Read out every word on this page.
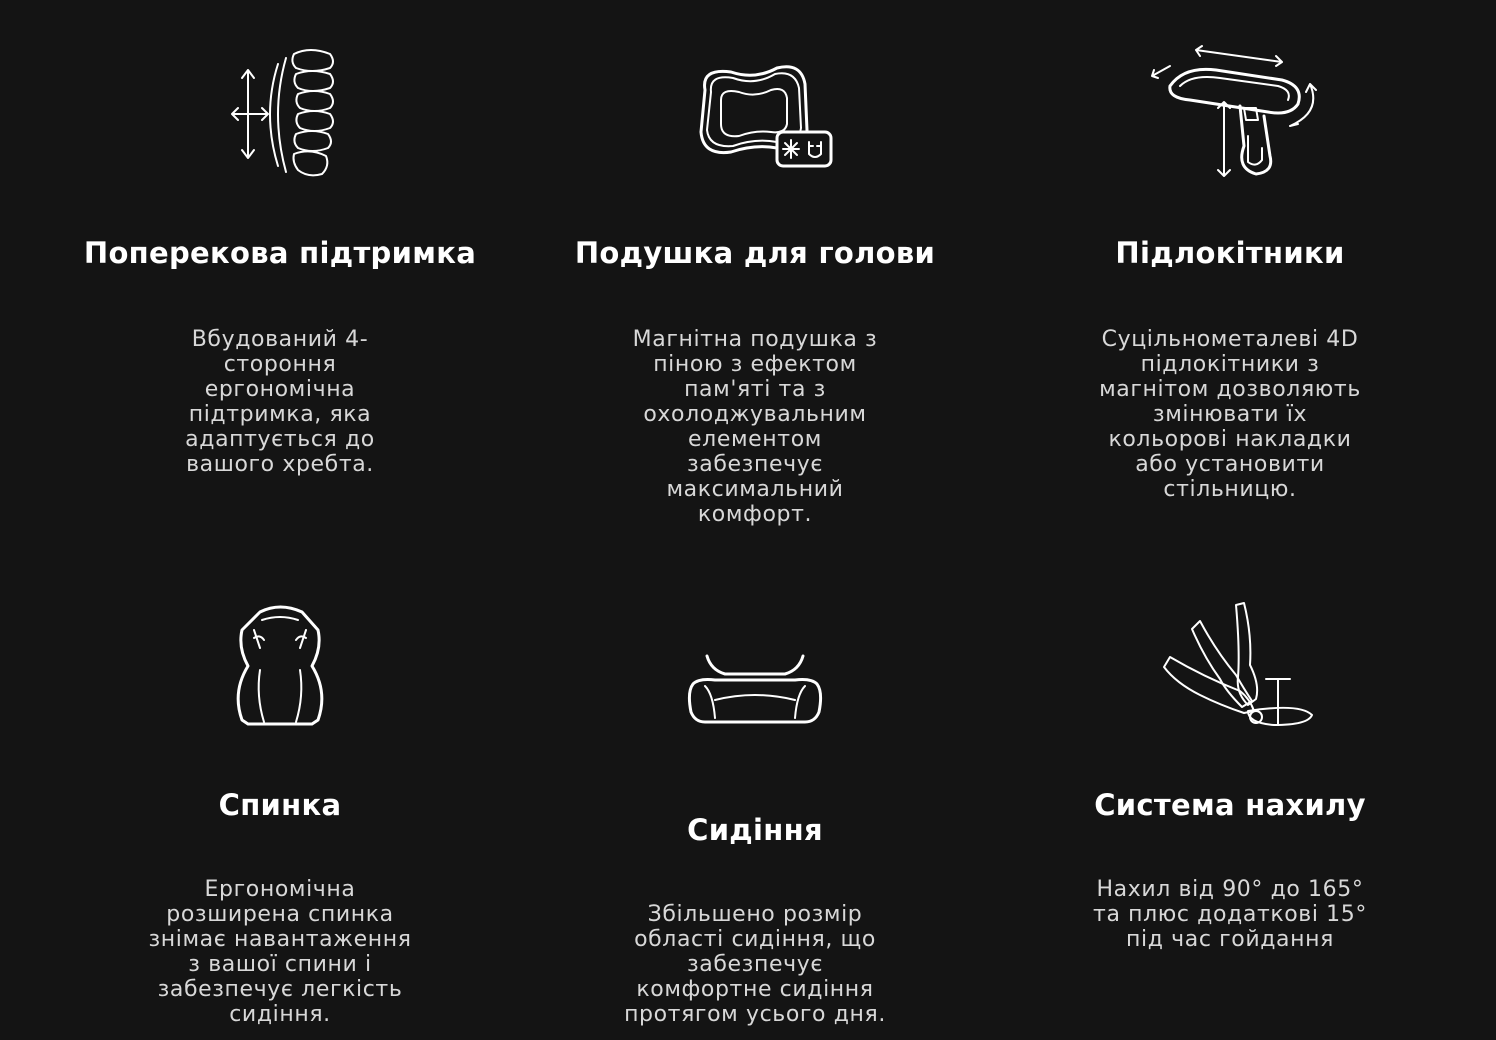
Поперекова підтримка
Вбудований 4-
стороння
ергономічна
підтримка, яка
адаптується до
вашого хребта.
Подушка для голови
Магнітна подушка з
піною з ефектом
пам'яті та з
охолоджувальним
елементом
забезпечує
максимальний
комфорт.
Підлокітники
Суцільнометалеві 4D
підлокітники з
магнітом дозволяють
змінювати їх
кольорові накладки
або установити
стільницю.
Спинка
Ергономічна
розширена спинка
знімає навантаження
з вашої спини і
забезпечує легкість
сидіння.
Сидіння
Збільшено розмір
області сидіння, що
забезпечує
комфортне сидіння
протягом усього дня.
Система нахилу
Нахил від 90° до 165°
та плюс додаткові 15°
під час гойдання
